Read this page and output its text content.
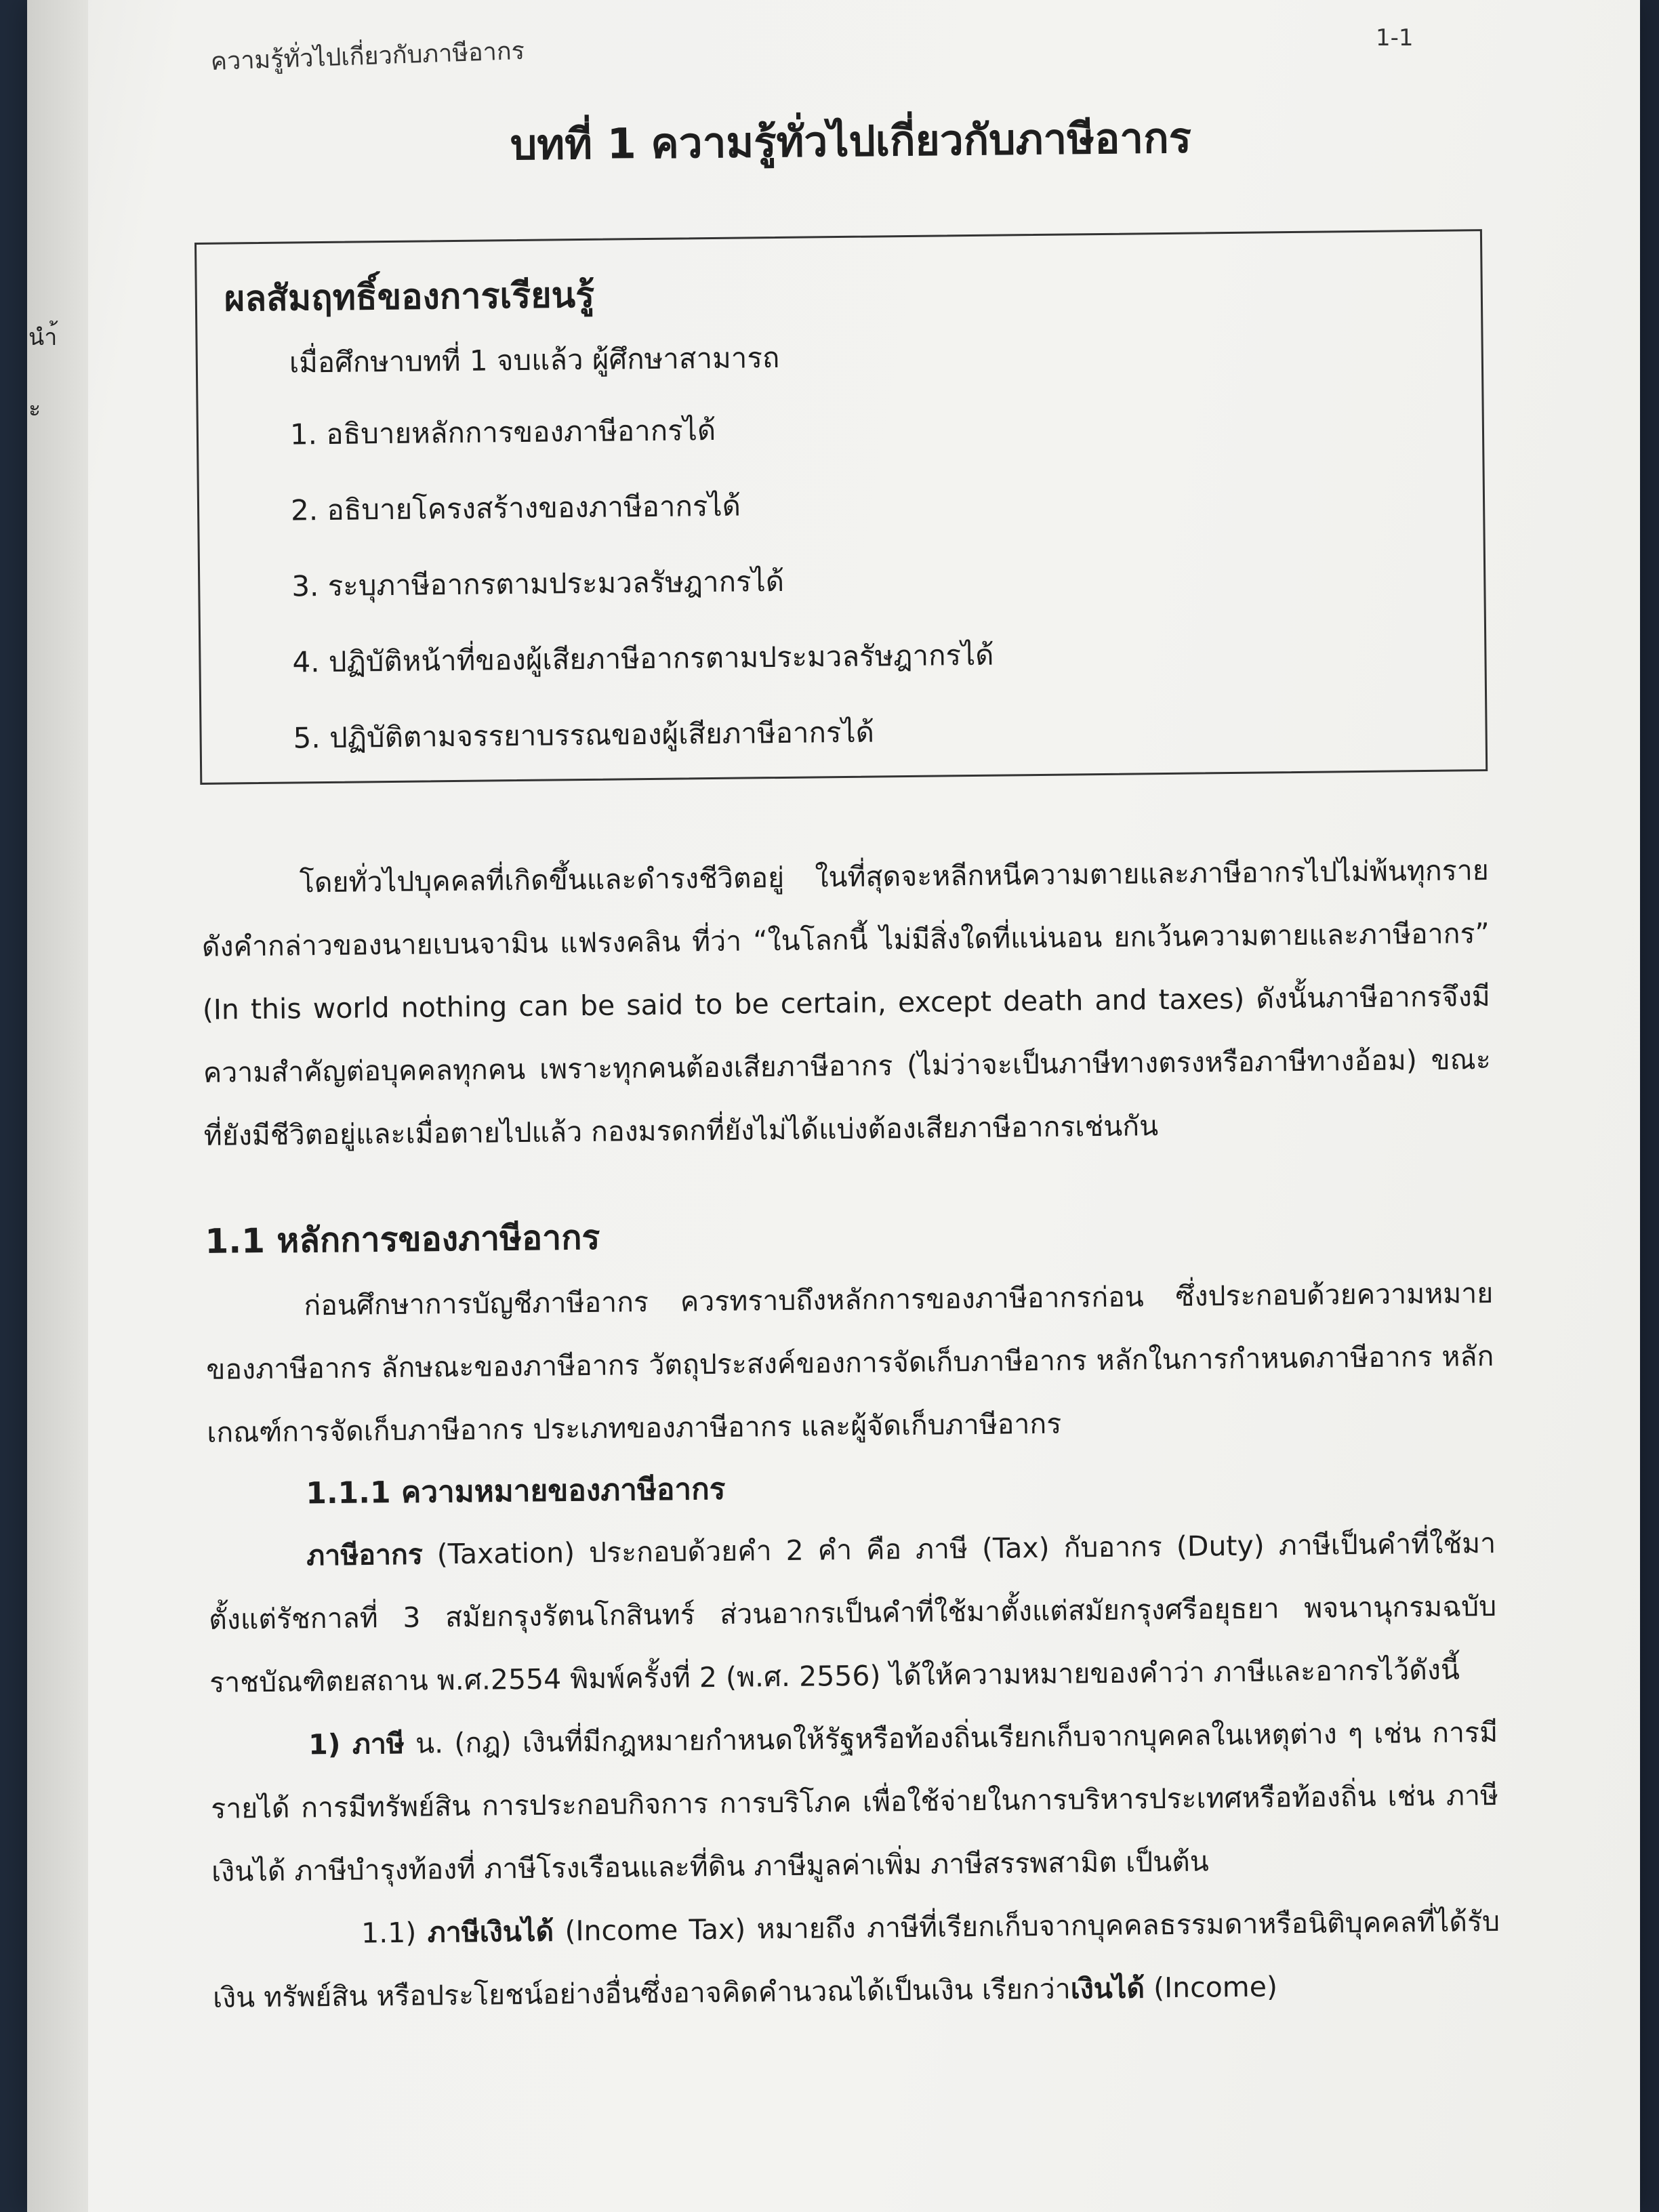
นำ้
ะ
ความรู้ทั่วไปเกี่ยวกับภาษีอากร	1-1
บทที่ 1 ความรู้ทั่วไปเกี่ยวกับภาษีอากร
ผลสัมฤทธิ์ของการเรียนรู้
เมื่อศึกษาบทที่ 1 จบแล้ว ผู้ศึกษาสามารถ
1. อธิบายหลักการของภาษีอากรได้
2. อธิบายโครงสร้างของภาษีอากรได้
3. ระบุภาษีอากรตามประมวลรัษฎากรได้
4. ปฏิบัติหน้าที่ของผู้เสียภาษีอากรตามประมวลรัษฎากรได้
5. ปฏิบัติตามจรรยาบรรณของผู้เสียภาษีอากรได้

โดยทั่วไปบุคคลที่เกิดขึ้นและดำรงชีวิตอยู่ ในที่สุดจะหลีกหนีความตายและภาษีอากรไปไม่พ้นทุกราย ดังคำกล่าวของนายเบนจามิน แฟรงคลิน ที่ว่า “ในโลกนี้ ไม่มีสิ่งใดที่แน่นอน ยกเว้นความตายและภาษีอากร” (In this world nothing can be said to be certain, except death and taxes) ดังนั้นภาษีอากรจึงมีความสำคัญต่อบุคคลทุกคน เพราะทุกคนต้องเสียภาษีอากร (ไม่ว่าจะเป็นภาษีทางตรงหรือภาษีทางอ้อม) ขณะที่ยังมีชีวิตอยู่และเมื่อตายไปแล้ว กองมรดกที่ยังไม่ได้แบ่งต้องเสียภาษีอากรเช่นกัน

1.1 หลักการของภาษีอากร

ก่อนศึกษาการบัญชีภาษีอากร ควรทราบถึงหลักการของภาษีอากรก่อน ซึ่งประกอบด้วยความหมายของภาษีอากร ลักษณะของภาษีอากร วัตถุประสงค์ของการจัดเก็บภาษีอากร หลักในการกำหนดภาษีอากร หลักเกณฑ์การจัดเก็บภาษีอากร ประเภทของภาษีอากร และผู้จัดเก็บภาษีอากร

1.1.1 ความหมายของภาษีอากร

ภาษีอากร (Taxation) ประกอบด้วยคำ 2 คำ คือ ภาษี (Tax) กับอากร (Duty) ภาษีเป็นคำที่ใช้มาตั้งแต่รัชกาลที่ 3 สมัยกรุงรัตนโกสินทร์ ส่วนอากรเป็นคำที่ใช้มาตั้งแต่สมัยกรุงศรีอยุธยา พจนานุกรมฉบับราชบัณฑิตยสถาน พ.ศ.2554 พิมพ์ครั้งที่ 2 (พ.ศ. 2556) ได้ให้ความหมายของคำว่า ภาษีและอากรไว้ดังนี้

1) ภาษี น. (กฎ) เงินที่มีกฎหมายกำหนดให้รัฐหรือท้องถิ่นเรียกเก็บจากบุคคลในเหตุต่าง ๆ เช่น การมีรายได้ การมีทรัพย์สิน การประกอบกิจการ การบริโภค เพื่อใช้จ่ายในการบริหารประเทศหรือท้องถิ่น เช่น ภาษีเงินได้ ภาษีบำรุงท้องที่ ภาษีโรงเรือนและที่ดิน ภาษีมูลค่าเพิ่ม ภาษีสรรพสามิต เป็นต้น

1.1) ภาษีเงินได้ (Income Tax) หมายถึง ภาษีที่เรียกเก็บจากบุคคลธรรมดาหรือนิติบุคคลที่ได้รับเงิน ทรัพย์สิน หรือประโยชน์อย่างอื่นซึ่งอาจคิดคำนวณได้เป็นเงิน เรียกว่าเงินได้ (Income)
